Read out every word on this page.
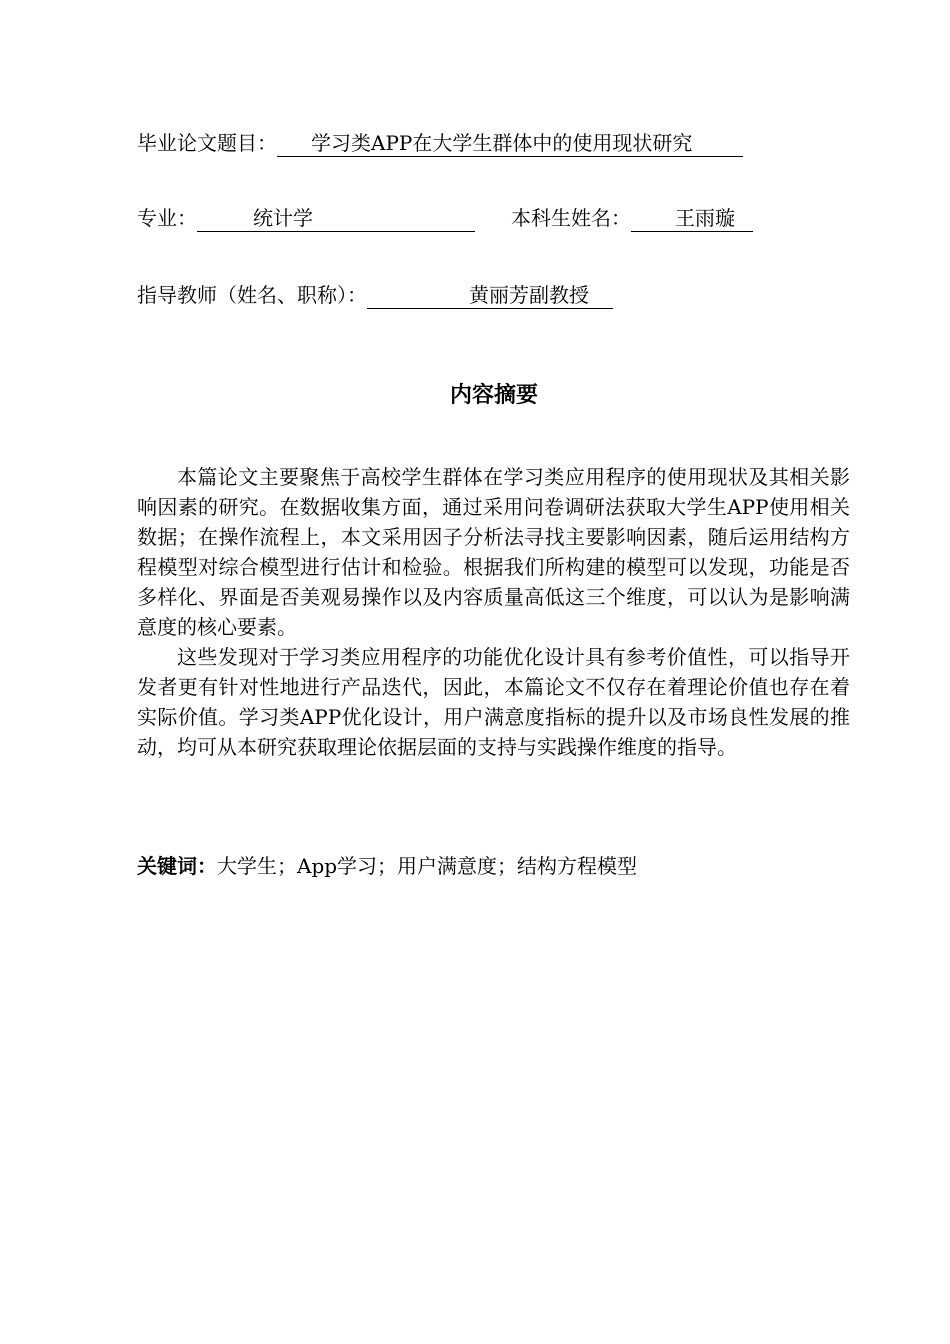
毕业论文题目： 学习类APP在大学生群体中的使用现状研究
专业：	统计学	本科生姓名： 王雨璇
指导教师（姓名、职称）：	黄丽芳副教授
内容摘要

本篇论文主要聚焦于高校学生群体在学习类应用程序的使用现状及其相关影响因素的研究。在数据收集方面，通过采用问卷调研法获取大学生APP使用相关数据；在操作流程上，本文采用因子分析法寻找主要影响因素，随后运用结构方程模型对综合模型进行估计和检验。根据我们所构建的模型可以发现，功能是否多样化、界面是否美观易操作以及内容质量高低这三个维度，可以认为是影响满意度的核心要素。

这些发现对于学习类应用程序的功能优化设计具有参考价值性，可以指导开发者更有针对性地进行产品迭代，因此，本篇论文不仅存在着理论价值也存在着实际价值。学习类APP优化设计，用户满意度指标的提升以及市场良性发展的推动，均可从本研究获取理论依据层面的支持与实践操作维度的指导。

关键词：大学生；App学习；用户满意度；结构方程模型
